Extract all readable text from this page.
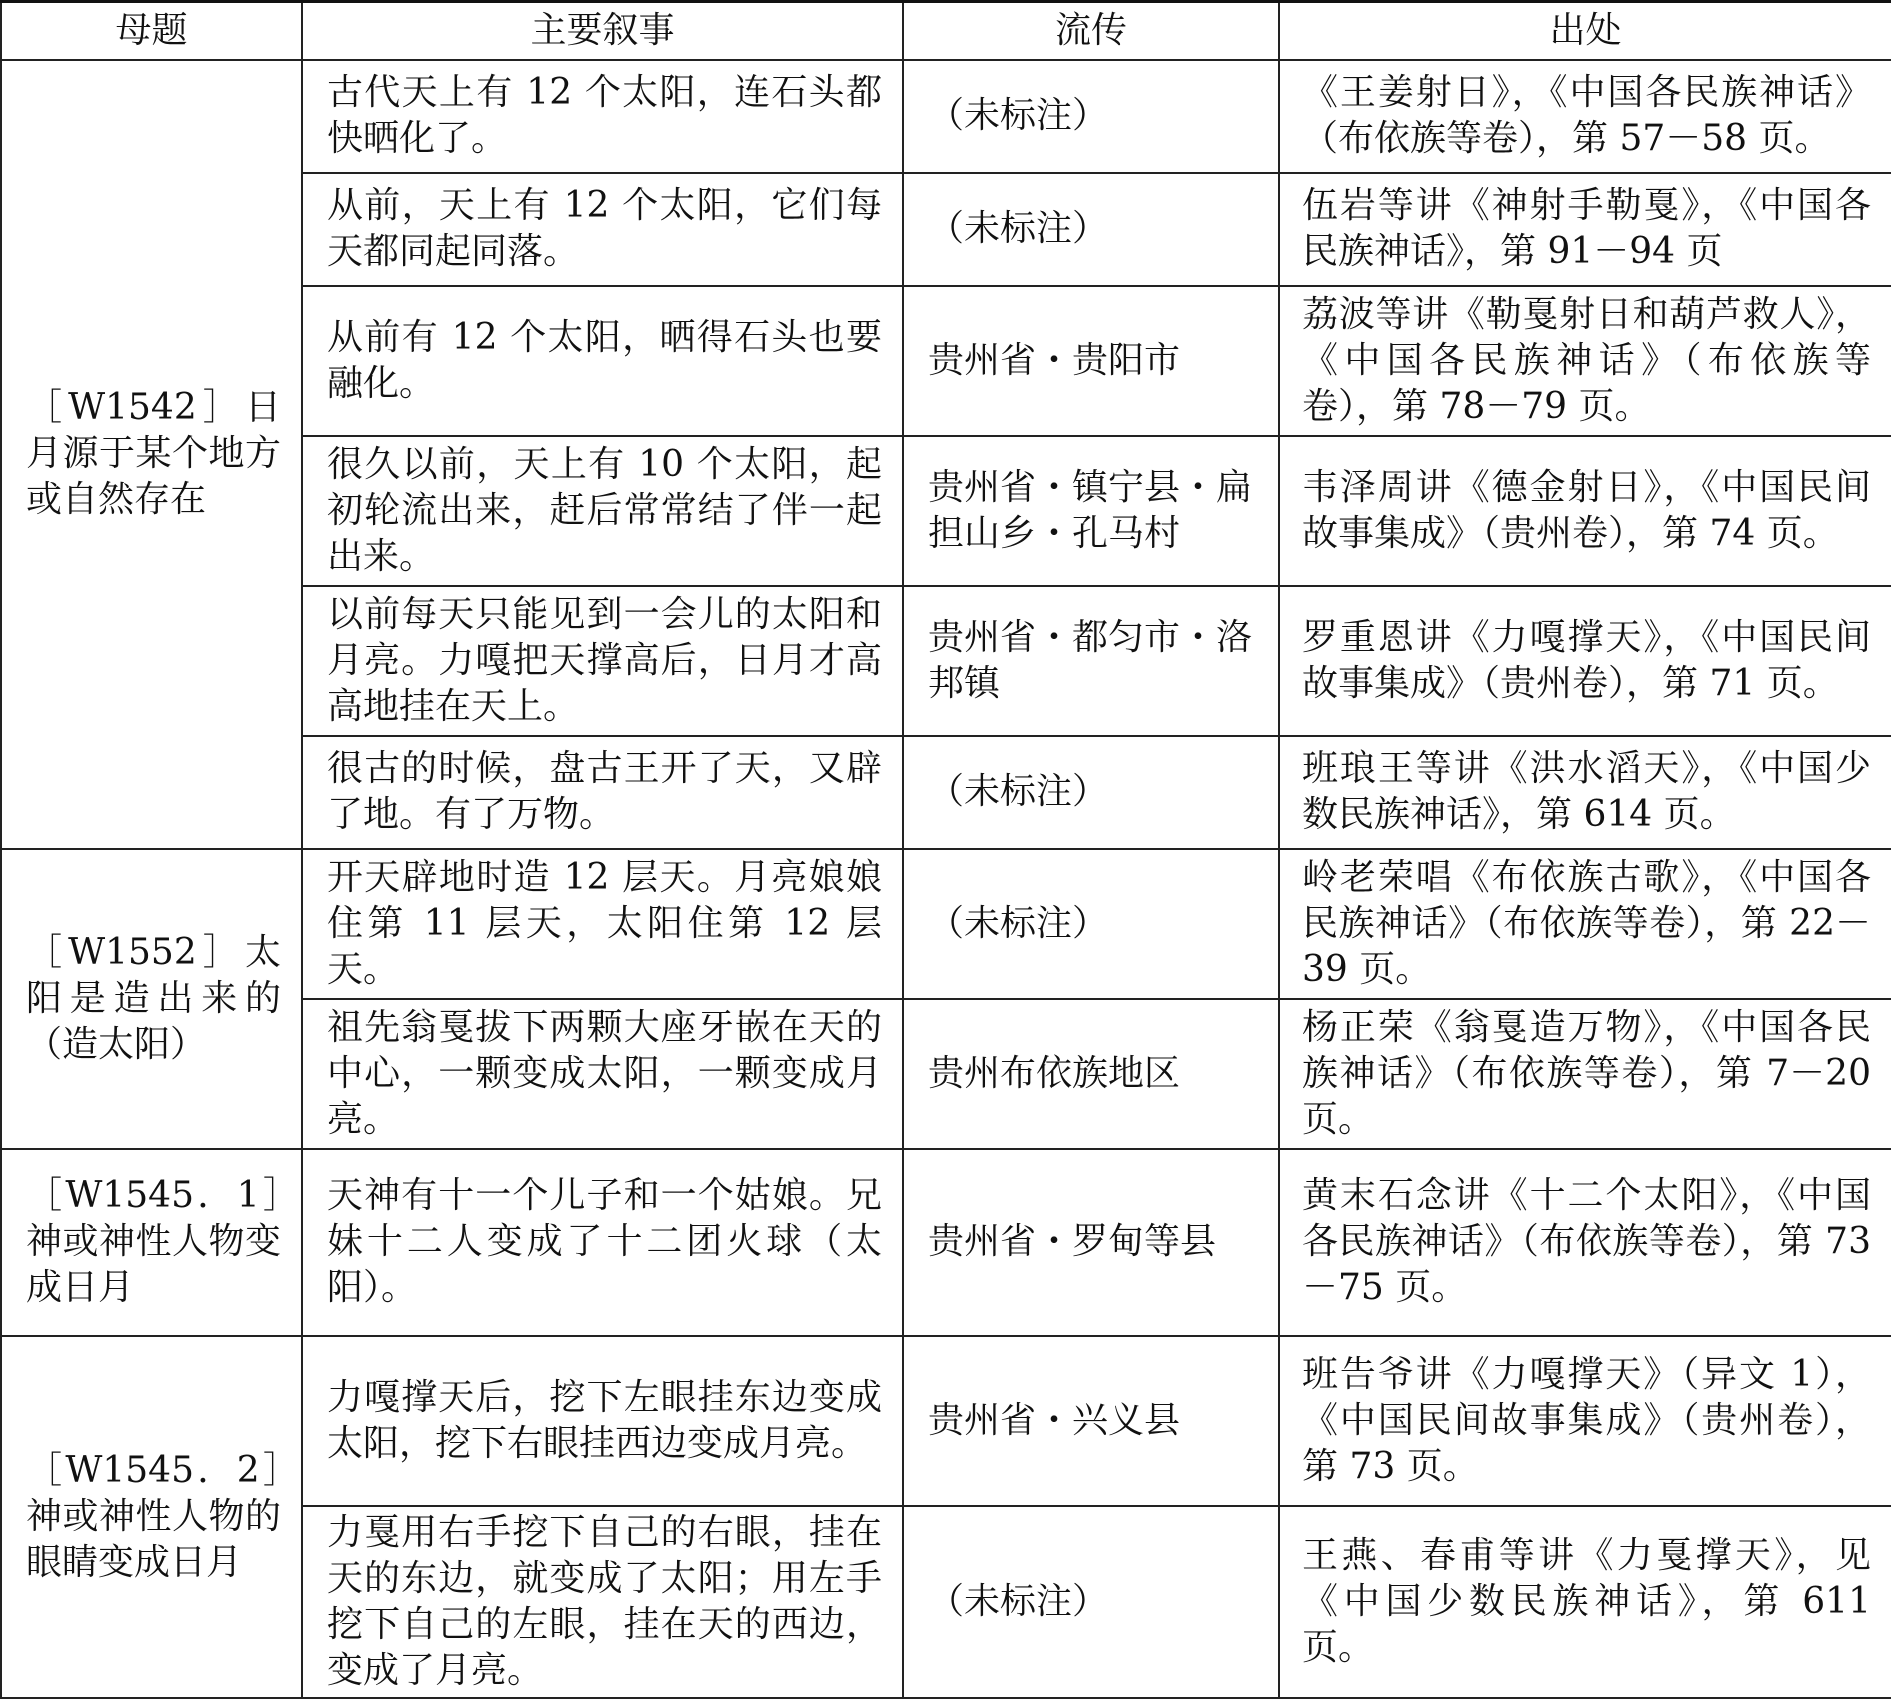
母题	主要叙事	流传	出处
［W1542］日月源于某个地方或自然存在	古代天上有 12 个太阳，连石头都快晒化了。	（未标注）	《王姜射日》，《中国各民族神话》（布依族等卷），第 57－58 页。
	从前，天上有 12 个太阳，它们每天都同起同落。	（未标注）	伍岩等讲《神射手勒戛》，《中国各民族神话》，第 91－94 页
	从前有 12 个太阳，晒得石头也要融化。	贵州省・贵阳市	荔波等讲《勒戛射日和葫芦救人》，《中国各民族神话》（布依族等卷），第 78－79 页。
	很久以前，天上有 10 个太阳，起初轮流出来，赶后常常结了伴一起出来。	贵州省・镇宁县・扁担山乡・孔马村	韦泽周讲《德金射日》，《中国民间故事集成》（贵州卷），第 74 页。
	以前每天只能见到一会儿的太阳和月亮。力嘎把天撑高后，日月才高高地挂在天上。	贵州省・都匀市・洛邦镇	罗重恩讲《力嘎撑天》，《中国民间故事集成》（贵州卷），第 71 页。
	很古的时候，盘古王开了天，又辟了地。有了万物。	（未标注）	班琅王等讲《洪水滔天》，《中国少数民族神话》，第 614 页。
［W1552］太阳是造出来的（造太阳）	开天辟地时造 12 层天。月亮娘娘住第 11 层天，太阳住第 12 层天。	（未标注）	岭老荣唱《布依族古歌》，《中国各民族神话》（布依族等卷），第 22－39 页。
	祖先翁戛拔下两颗大座牙嵌在天的中心，一颗变成太阳，一颗变成月亮。	贵州布依族地区	杨正荣《翁戛造万物》，《中国各民族神话》（布依族等卷），第 7－20 页。
［W1545．1］神或神性人物变成日月	天神有十一个儿子和一个姑娘。兄妹十二人变成了十二团火球（太阳）。	贵州省・罗甸等县	黄末石念讲《十二个太阳》，《中国各民族神话》（布依族等卷），第 73－75 页。
［W1545．2］神或神性人物的眼睛变成日月	力嘎撑天后，挖下左眼挂东边变成太阳，挖下右眼挂西边变成月亮。	贵州省・兴义县	班告爷讲《力嘎撑天》（异文 1），《中国民间故事集成》（贵州卷），第 73 页。
	力戛用右手挖下自己的右眼，挂在天的东边，就变成了太阳；用左手挖下自己的左眼，挂在天的西边，变成了月亮。	（未标注）	王燕、春甫等讲《力戛撑天》，见《中国少数民族神话》，第 611 页。
